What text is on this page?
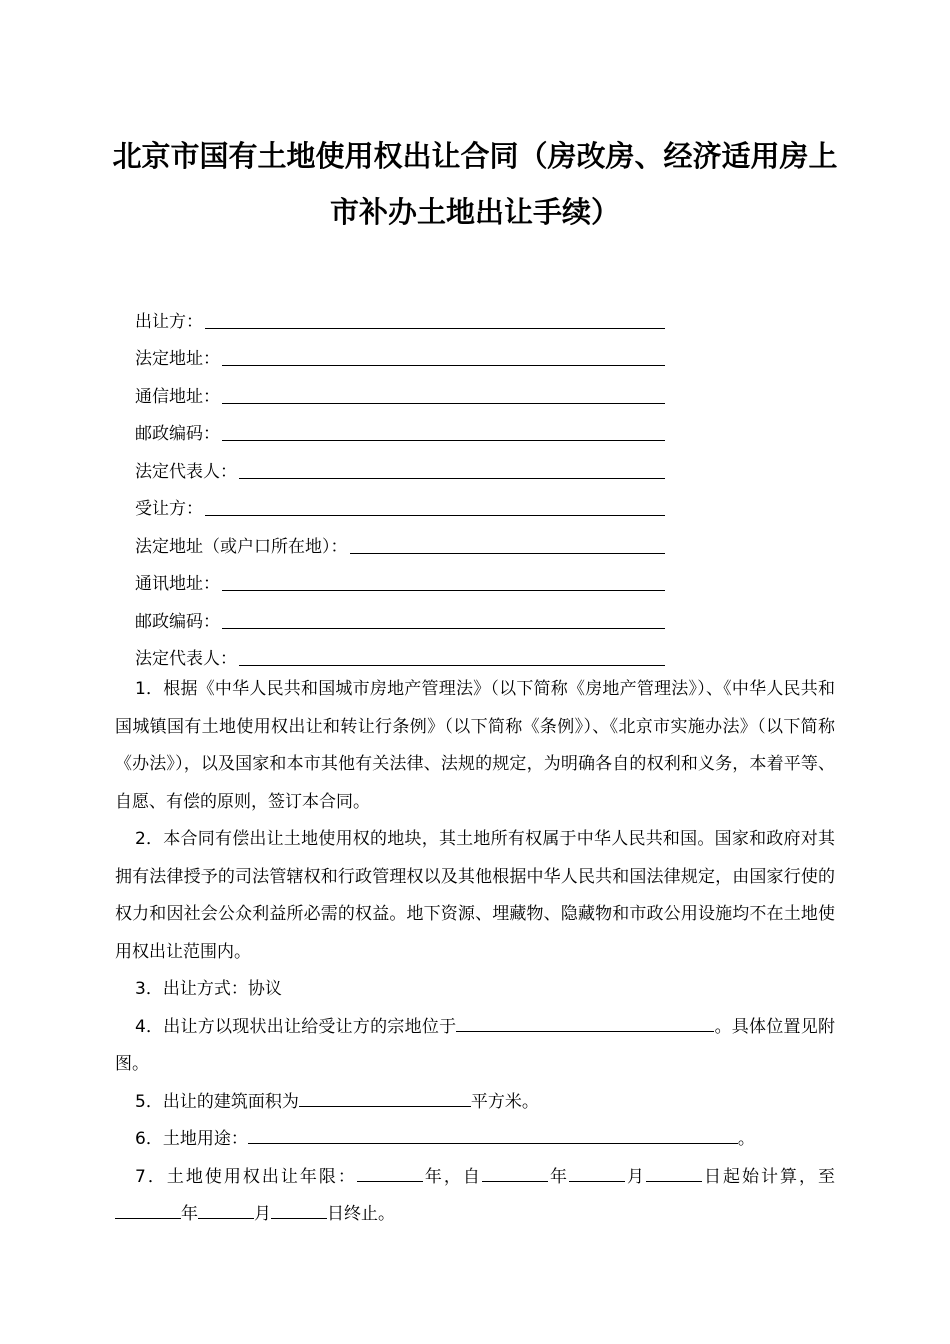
北京市国有土地使用权出让合同（房改房、经济适用房上
市补办土地出让手续）
出让方：
法定地址：
通信地址：
邮政编码：
法定代表人：
受让方：
法定地址（或户口所在地）：
通讯地址：
邮政编码：
法定代表人：

1．根据《中华人民共和国城市房地产管理法》（以下简称《房地产管理法》）、《中华人民共和国城镇国有土地使用权出让和转让行条例》（以下简称《条例》）、《北京市实施办法》（以下简称《办法》），以及国家和本市其他有关法律、法规的规定，为明确各自的权利和义务，本着平等、自愿、有偿的原则，签订本合同。

2．本合同有偿出让土地使用权的地块，其土地所有权属于中华人民共和国。国家和政府对其拥有法律授予的司法管辖权和行政管理权以及其他根据中华人民共和国法律规定，由国家行使的权力和因社会公众利益所必需的权益。地下资源、埋藏物、隐藏物和市政公用设施均不在土地使用权出让范围内。

3．出让方式：协议

4．出让方以现状出让给受让方的宗地位于	。具体位置见附图。

5．出让的建筑面积为	平方米。

6．土地用途：	。

7．土地使用权出让年限：	年，自	年	月	日起始计算，至年	月	日终止。
